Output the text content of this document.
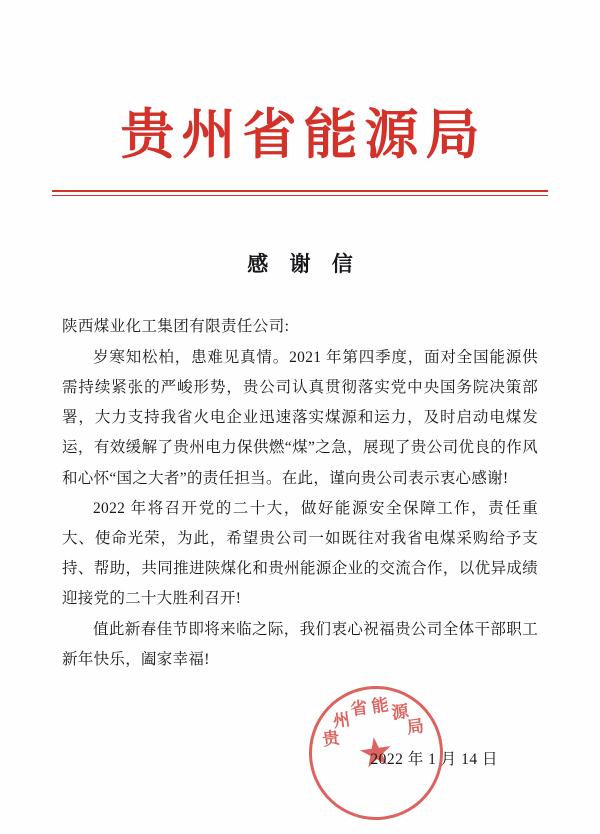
贵州省能源局
感 谢 信
陕西煤业化工集团有限责任公司:

岁寒知松柏，患难见真情。2021 年第四季度，面对全国能源供需持续紧张的严峻形势，贵公司认真贯彻落实党中央国务院决策部署，大力支持我省火电企业迅速落实煤源和运力，及时启动电煤发运，有效缓解了贵州电力保供燃“煤”之急，展现了贵公司优良的作风和心怀“国之大者”的责任担当。在此，谨向贵公司表示衷心感谢!

2022 年将召开党的二十大，做好能源安全保障工作，责任重大、使命光荣，为此，希望贵公司一如既往对我省电煤采购给予支持、帮助，共同推进陕煤化和贵州能源企业的交流合作，以优异成绩迎接党的二十大胜利召开!

值此新春佳节即将来临之际，我们衷心祝福贵公司全体干部职工新年快乐，阖家幸福!

★
贵
州
省 能 源
局
2022 年 1 月 14 日
